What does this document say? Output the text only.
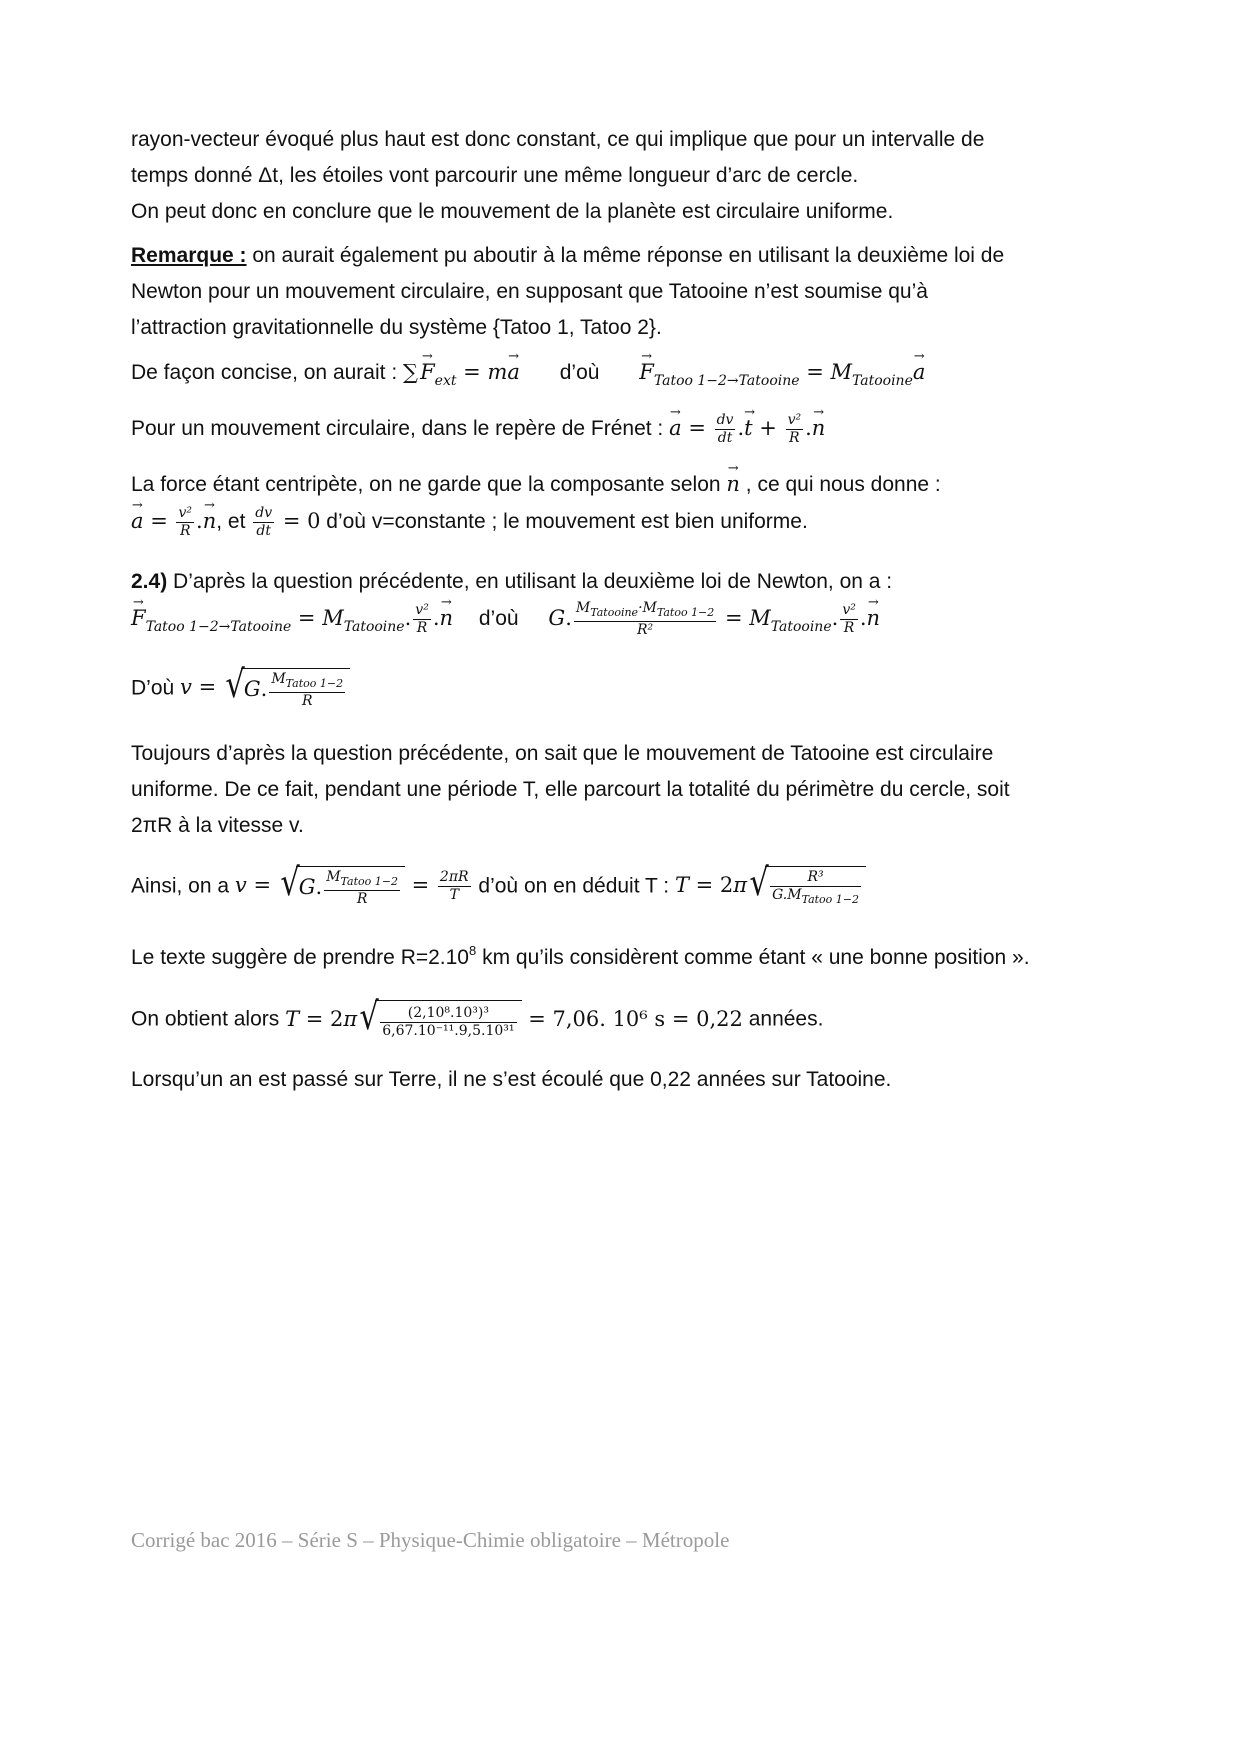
rayon-vecteur évoqué plus haut est donc constant, ce qui implique que pour un intervalle de
temps donné Δt, les étoiles vont parcourir une même longueur d’arc de cercle.
On peut donc en conclure que le mouvement de la planète est circulaire uniforme.

Remarque : on aurait également pu aboutir à la même réponse en utilisant la deuxième loi de
Newton pour un mouvement circulaire, en supposant que Tatooine n’est soumise qu’à
l’attraction gravitationnelle du système {Tatoo 1, Tatoo 2}.

De façon concise, on aurait : ∑ → $F_{ext} = m\to a$ d’où → $F_{Tatoo 1-2\to Tatooine} = M_{Tatooine}\to a$

Pour un mouvement circulaire, dans le repère de Frénet : → $a = \frac{dv}{dt}$ .→ $t + \frac{\text{v²}}{R}$ .→ n

La force étant centripète, on ne garde que la composante selon → n , ce qui nous donne :
→ $a = \frac{\text{v²}}{R}$ .→ n, et $\frac{dv}{dt} = 0$ d’où v=constante ; le mouvement est bien uniforme.

2.4) D’après la question précédente, en utilisant la deuxième loi de Newton, on a :
→ $F_{Tatoo 1-2\to Tatooine} = M_{Tatooine}$. $\frac{\text{v²}}{R}$ .→ n d’où G. $\frac{M_{Tatooine}\cdot M_{Tatoo 1-2}}{\text{R²}} = M_{Tatooine}$. $\frac{\text{v²}}{R}$ .→ n

D’où v = √ G. $\frac{M_{Tatoo 1-2}}{R}$

Toujours d’après la question précédente, on sait que le mouvement de Tatooine est circulaire
uniforme. De ce fait, pendant une période T, elle parcourt la totalité du périmètre du cercle, soit
2πR à la vitesse v.

Ainsi, on a v = √ G. $\frac{M_{Tatoo 1-2}}{R} = \frac{2\pi R}{T}$ d’où on en déduit T : T = 2π √ $\frac{\text{R³}}{G.M_{Tatoo 1-2}}$

Le texte suggère de prendre $R=2.10^8$ km qu’ils considèrent comme étant « une bonne position ».

On obtient alors T = 2π √ $\frac{\text{(2,10⁸.10³)³}}{\text{6,67.10⁻¹¹.9,5.10³¹}} = 7,06$. 10⁶ s = 0,22 années.

Lorsqu’un an est passé sur Terre, il ne s’est écoulé que 0,22 années sur Tatooine.

Corrigé bac 2016 – Série S – Physique-Chimie obligatoire – Métropole
